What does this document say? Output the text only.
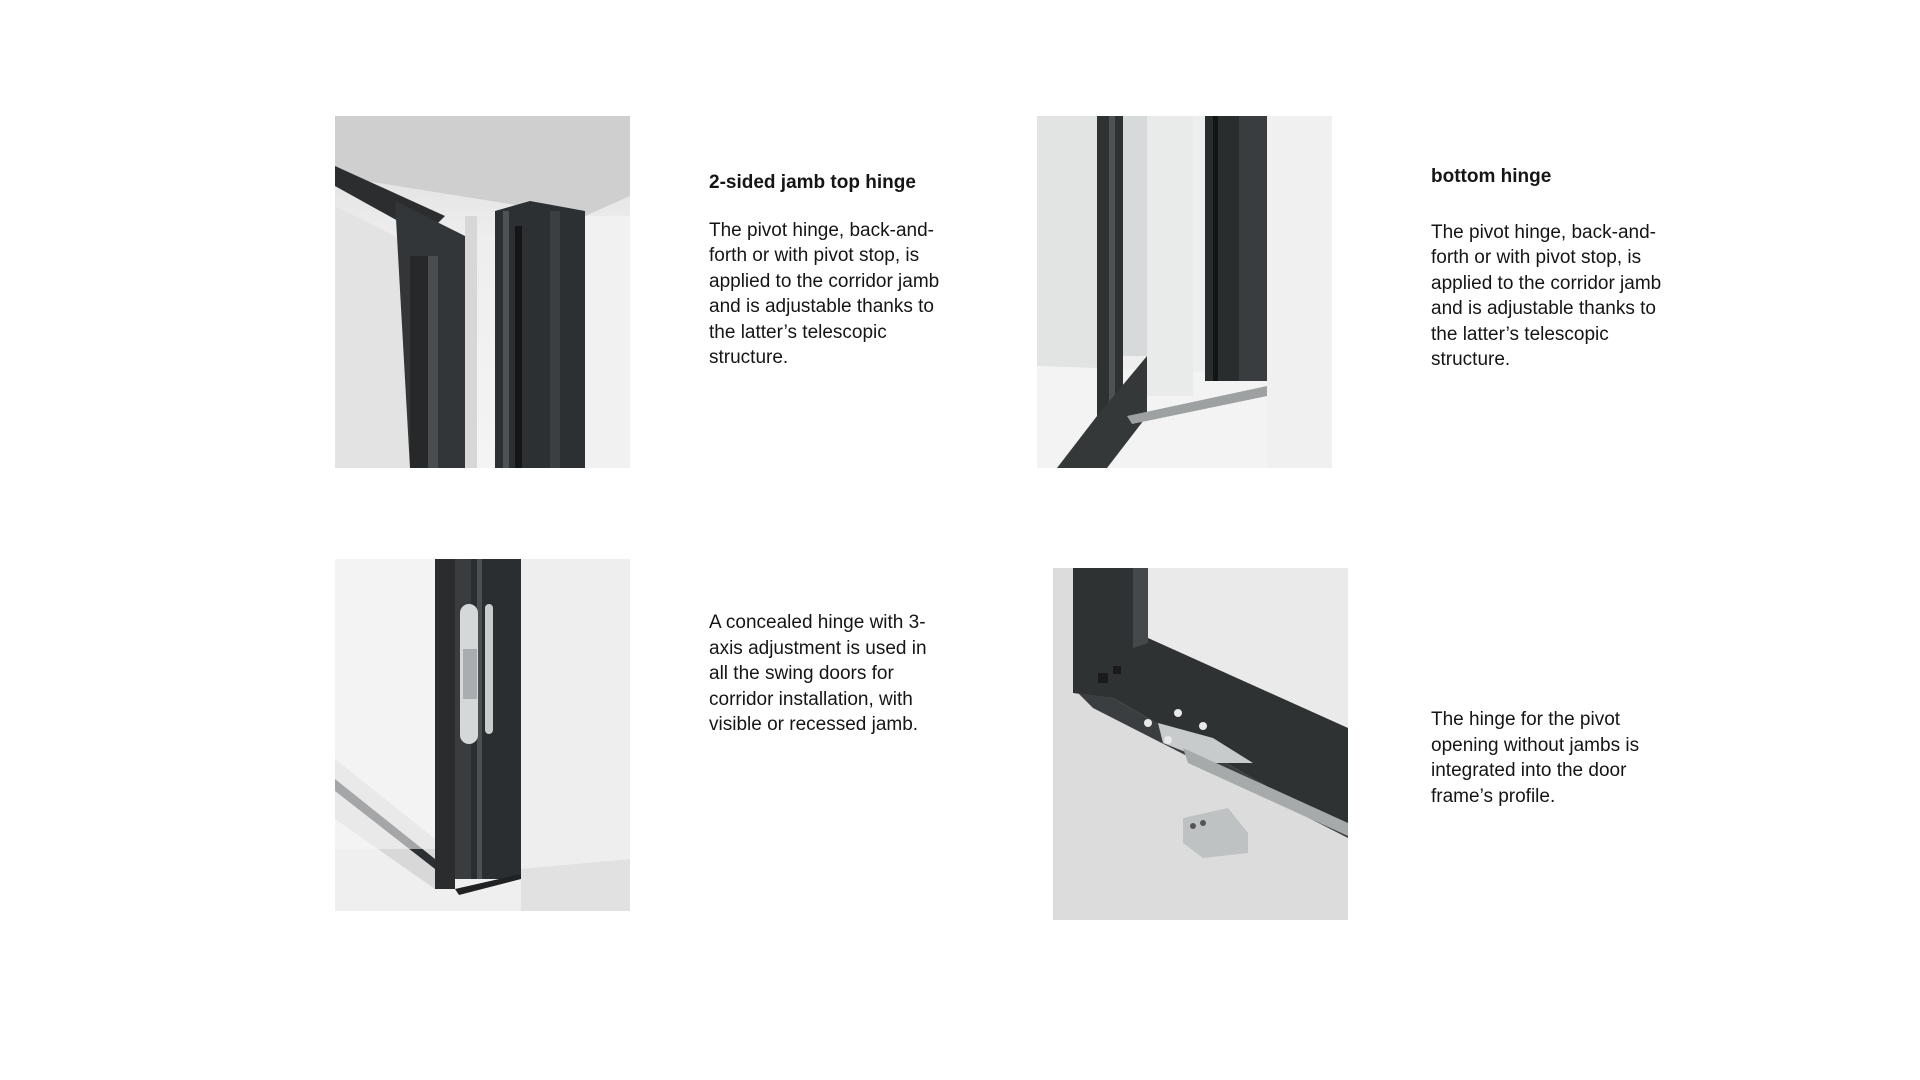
2-sided jamb top hinge

The pivot hinge, back-and-forth or with pivot stop, is applied to the corridor jamb and is adjustable thanks to the latter’s telescopic structure.

bottom hinge

The pivot hinge, back-and-forth or with pivot stop, is applied to the corridor jamb and is adjustable thanks to the latter’s telescopic structure.

A concealed hinge with 3-axis adjustment is used in all the swing doors for corridor installation, with visible or recessed jamb.	The hinge for the pivot opening without jambs is integrated into the door frame’s profile.
